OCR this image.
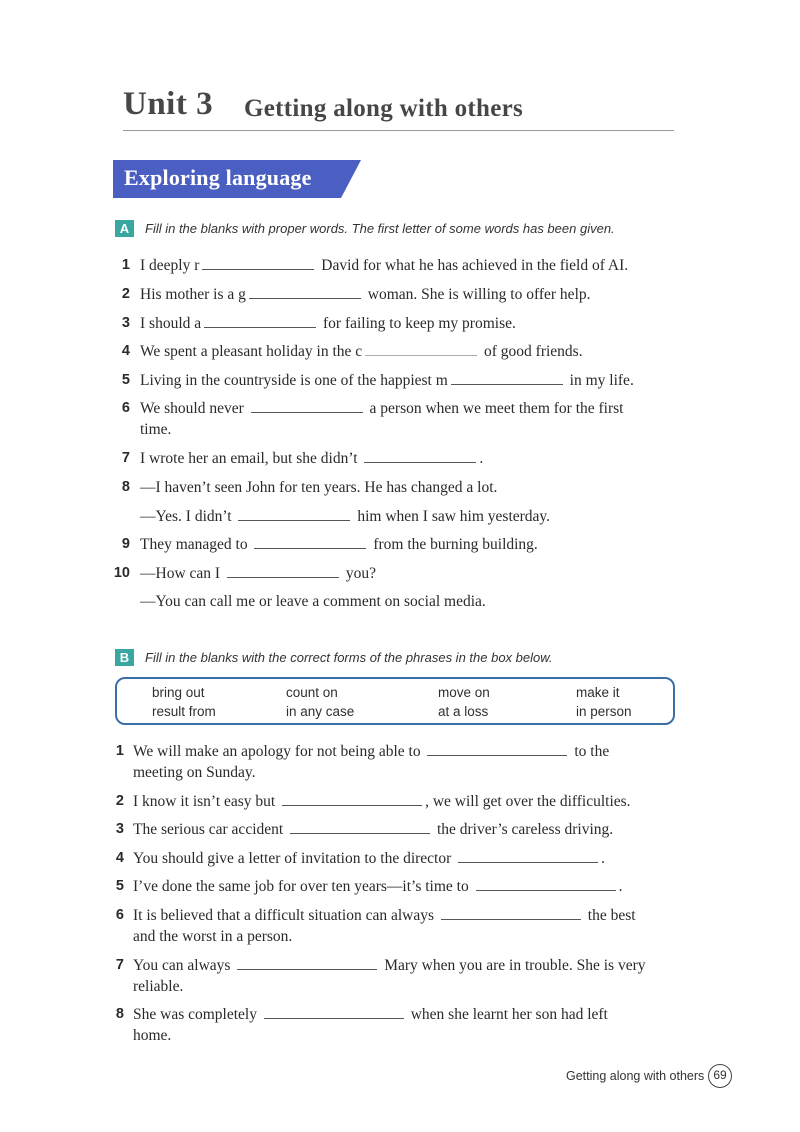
Unit 3 Getting along with others
Exploring language
A	Fill in the blanks with proper words. The first letter of some words has been given.
1 I deeply r	David for what he has achieved in the field of AI.
2 His mother is a g	woman. She is willing to offer help.
3 I should a	for failing to keep my promise.
4 We spent a pleasant holiday in the c	of good friends.
5 Living in the countryside is one of the happiest m	in my life.
6 We should never	a person when we meet them for the first
time.
7 I wrote her an email, but she didn’t	.
8 —I haven’t seen John for ten years. He has changed a lot.
—Yes. I didn’t	him when I saw him yesterday.
9 They managed to	from the burning building.
10 —How can I	you?
—You can call me or leave a comment on social media.
B	Fill in the blanks with the correct forms of the phrases in the box below.
bring out	count on	move on	make it
result from	in any case	at a loss	in person
1 We will make an apology for not being able to	to the
meeting on Sunday.
2 I know it isn’t easy but	, we will get over the difficulties.
3 The serious car accident	the driver’s careless driving.
4 You should give a letter of invitation to the director	.
5 I’ve done the same job for over ten years—it’s time to	.
6 It is believed that a difficult situation can always	the best
and the worst in a person.
7 You can always	Mary when you are in trouble. She is very
reliable.
8 She was completely	when she learnt her son had left
home.
Getting along with others 69
